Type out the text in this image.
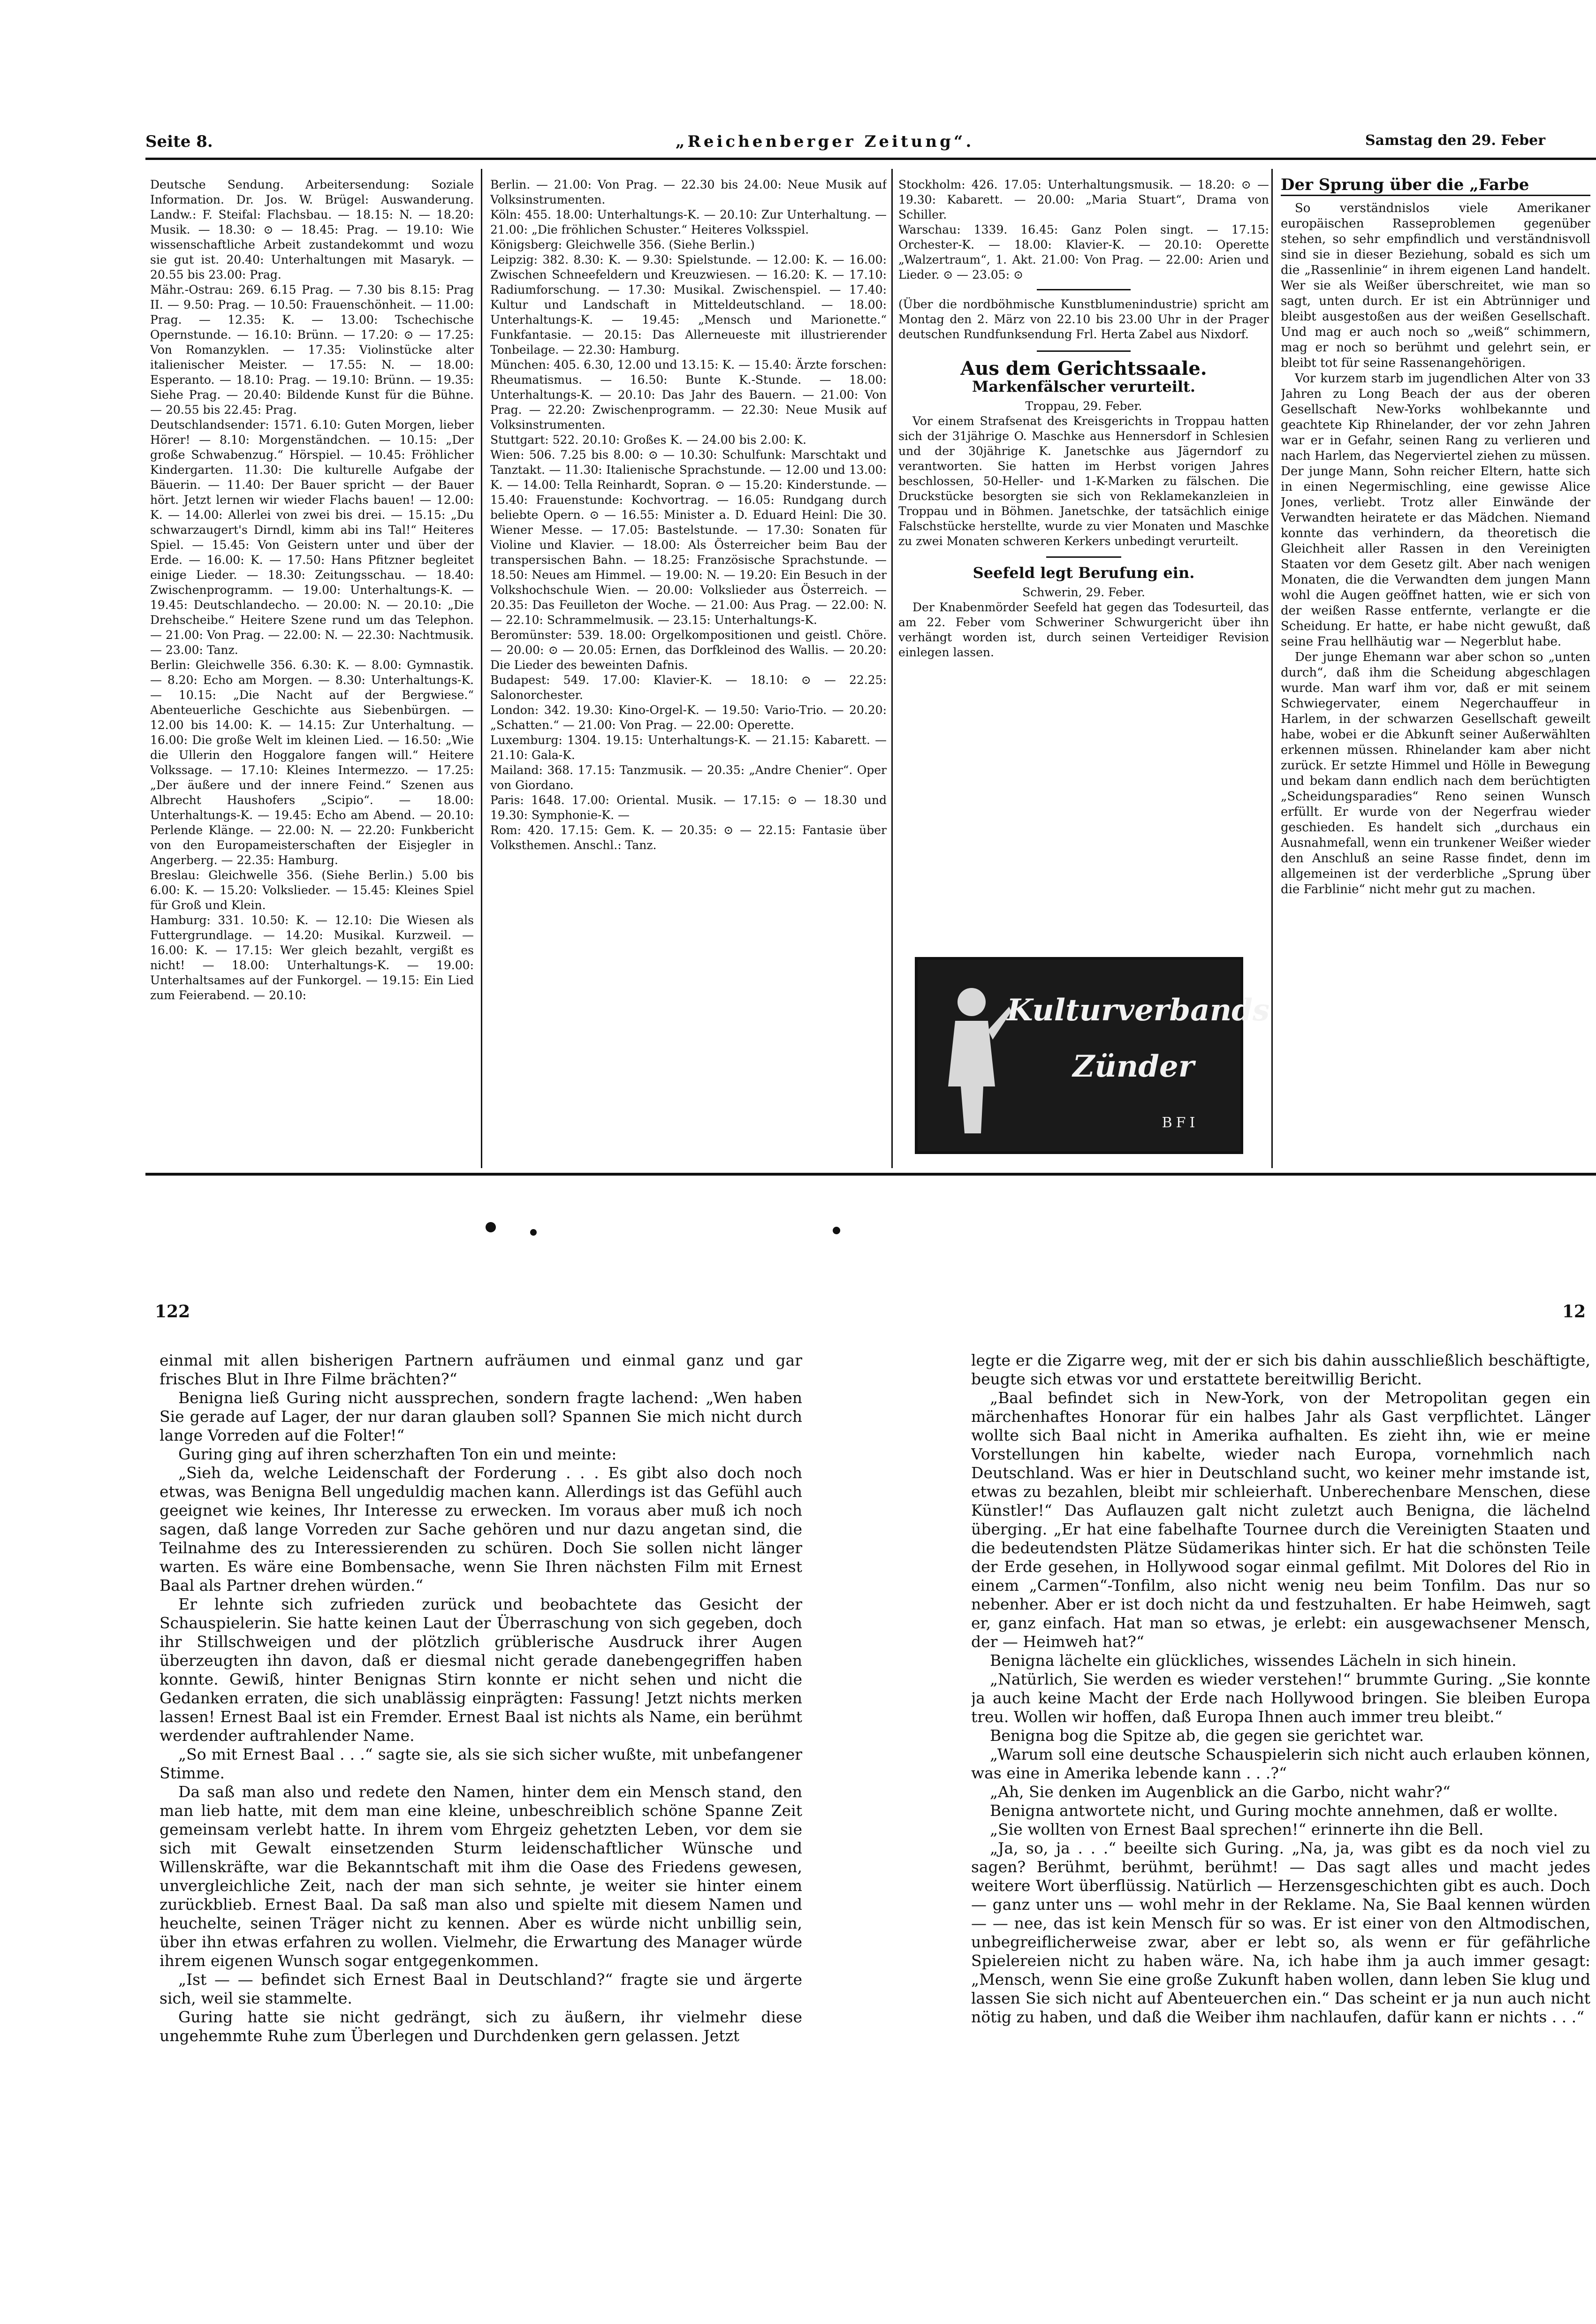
Seite 8.	„Reichenberger Zeitung“.	Samstag den 29. Feber

Deutsche Sendung. Arbeitersendung: Soziale Information. Dr. Jos. W. Brügel: Auswanderung. Landw.: F. Steifal: Flachsbau. — 18.15: N. — 18.20: Musik. — 18.30: ⊙ — 18.45: Prag. — 19.10: Wie wissenschaftliche Arbeit zustandekommt und wozu sie gut ist. 20.40: Unterhaltungen mit Masaryk. — 20.55 bis 23.00: Prag.

Mähr.-Ostrau: 269. 6.15 Prag. — 7.30 bis 8.15: Prag II. — 9.50: Prag. — 10.50: Frauenschönheit. — 11.00: Prag. — 12.35: K. — 13.00: Tschechische Opernstunde. — 16.10: Brünn. — 17.20: ⊙ — 17.25: Von Romanzyklen. — 17.35: Violinstücke alter italienischer Meister. — 17.55: N. — 18.00: Esperanto. — 18.10: Prag. — 19.10: Brünn. — 19.35: Siehe Prag. — 20.40: Bildende Kunst für die Bühne. — 20.55 bis 22.45: Prag.

Deutschlandsender: 1571. 6.10: Guten Morgen, lieber Hörer! — 8.10: Morgenständchen. — 10.15: „Der große Schwabenzug.“ Hörspiel. — 10.45: Fröhlicher Kindergarten. 11.30: Die kulturelle Aufgabe der Bäuerin. — 11.40: Der Bauer spricht — der Bauer hört. Jetzt lernen wir wieder Flachs bauen! — 12.00: K. — 14.00: Allerlei von zwei bis drei. — 15.15: „Du schwarzaugert's Dirndl, kimm abi ins Tal!“ Heiteres Spiel. — 15.45: Von Geistern unter und über der Erde. — 16.00: K. — 17.50: Hans Pfitzner begleitet einige Lieder. — 18.30: Zeitungsschau. — 18.40: Zwischenprogramm. — 19.00: Unterhaltungs-K. — 19.45: Deutschlandecho. — 20.00: N. — 20.10: „Die Drehscheibe.“ Heitere Szene rund um das Telephon. — 21.00: Von Prag. — 22.00: N. — 22.30: Nachtmusik. — 23.00: Tanz.

Berlin: Gleichwelle 356. 6.30: K. — 8.00: Gymnastik. — 8.20: Echo am Morgen. — 8.30: Unterhaltungs-K. — 10.15: „Die Nacht auf der Bergwiese.“ Abenteuerliche Geschichte aus Siebenbürgen. — 12.00 bis 14.00: K. — 14.15: Zur Unterhaltung. — 16.00: Die große Welt im kleinen Lied. — 16.50: „Wie die Ullerin den Hoggalore fangen will.“ Heitere Volkssage. — 17.10: Kleines Intermezzo. — 17.25: „Der äußere und der innere Feind.“ Szenen aus Albrecht Haushofers „Scipio“. — 18.00: Unterhaltungs-K. — 19.45: Echo am Abend. — 20.10: Perlende Klänge. — 22.00: N. — 22.20: Funkbericht von den Europameisterschaften der Eisjegler in Angerberg. — 22.35: Hamburg.

Breslau: Gleichwelle 356. (Siehe Berlin.) 5.00 bis 6.00: K. — 15.20: Volkslieder. — 15.45: Kleines Spiel für Groß und Klein.

Hamburg: 331. 10.50: K. — 12.10: Die Wiesen als Futtergrundlage. — 14.20: Musikal. Kurzweil. — 16.00: K. — 17.15: Wer gleich bezahlt, vergißt es nicht! — 18.00: Unterhaltungs-K. — 19.00: Unterhaltsames auf der Funkorgel. — 19.15: Ein Lied zum Feierabend. — 20.10:

Berlin. — 21.00: Von Prag. — 22.30 bis 24.00: Neue Musik auf Volksinstrumenten.

Köln: 455. 18.00: Unterhaltungs-K. — 20.10: Zur Unterhaltung. — 21.00: „Die fröhlichen Schuster.“ Heiteres Volksspiel.

Königsberg: Gleichwelle 356. (Siehe Berlin.)

Leipzig: 382. 8.30: K. — 9.30: Spielstunde. — 12.00: K. — 16.00: Zwischen Schneefeldern und Kreuzwiesen. — 16.20: K. — 17.10: Radiumforschung. — 17.30: Musikal. Zwischenspiel. — 17.40: Kultur und Landschaft in Mitteldeutschland. — 18.00: Unterhaltungs-K. — 19.45: „Mensch und Marionette.“ Funkfantasie. — 20.15: Das Allerneueste mit illustrierender Tonbeilage. — 22.30: Hamburg.

München: 405. 6.30, 12.00 und 13.15: K. — 15.40: Ärzte forschen: Rheumatismus. — 16.50: Bunte K.-Stunde. — 18.00: Unterhaltungs-K. — 20.10: Das Jahr des Bauern. — 21.00: Von Prag. — 22.20: Zwischenprogramm. — 22.30: Neue Musik auf Volksinstrumenten.

Stuttgart: 522. 20.10: Großes K. — 24.00 bis 2.00: K.

Wien: 506. 7.25 bis 8.00: ⊙ — 10.30: Schulfunk: Marschtakt und Tanztakt. — 11.30: Italienische Sprachstunde. — 12.00 und 13.00: K. — 14.00: Tella Reinhardt, Sopran. ⊙ — 15.20: Kinderstunde. — 15.40: Frauenstunde: Kochvortrag. — 16.05: Rundgang durch beliebte Opern. ⊙ — 16.55: Minister a. D. Eduard Heinl: Die 30. Wiener Messe. — 17.05: Bastelstunde. — 17.30: Sonaten für Violine und Klavier. — 18.00: Als Österreicher beim Bau der transpersischen Bahn. — 18.25: Französische Sprachstunde. — 18.50: Neues am Himmel. — 19.00: N. — 19.20: Ein Besuch in der Volkshochschule Wien. — 20.00: Volkslieder aus Österreich. — 20.35: Das Feuilleton der Woche. — 21.00: Aus Prag. — 22.00: N. — 22.10: Schrammelmusik. — 23.15: Unterhaltungs-K.

Beromünster: 539. 18.00: Orgelkompositionen und geistl. Chöre. — 20.00: ⊙ — 20.05: Ernen, das Dorfkleinod des Wallis. — 20.20: Die Lieder des beweinten Dafnis.

Budapest: 549. 17.00: Klavier-K. — 18.10: ⊙ — 22.25: Salonorchester.

London: 342. 19.30: Kino-Orgel-K. — 19.50: Vario-Trio. — 20.20: „Schatten.“ — 21.00: Von Prag. — 22.00: Operette.

Luxemburg: 1304. 19.15: Unterhaltungs-K. — 21.15: Kabarett. — 21.10: Gala-K.

Mailand: 368. 17.15: Tanzmusik. — 20.35: „Andre Chenier“. Oper von Giordano.

Paris: 1648. 17.00: Oriental. Musik. — 17.15: ⊙ — 18.30 und 19.30: Symphonie-K. —

Rom: 420. 17.15: Gem. K. — 20.35: ⊙ — 22.15: Fantasie über Volksthemen. Anschl.: Tanz.

Stockholm: 426. 17.05: Unterhaltungsmusik. — 18.20: ⊙ — 19.30: Kabarett. — 20.00: „Maria Stuart“, Drama von Schiller.

Warschau: 1339. 16.45: Ganz Polen singt. — 17.15: Orchester-K. — 18.00: Klavier-K. — 20.10: Operette „Walzertraum“, 1. Akt. 21.00: Von Prag. — 22.00: Arien und Lieder. ⊙ — 23.05: ⊙

(Über die nordböhmische Kunstblumenindustrie) spricht am Montag den 2. März von 22.10 bis 23.00 Uhr in der Prager deutschen Rundfunksendung Frl. Herta Zabel aus Nixdorf.

Aus dem Gerichtssaale.
Markenfälscher verurteilt.

Troppau, 29. Feber.

Vor einem Strafsenat des Kreisgerichts in Troppau hatten sich der 31jährige O. Maschke aus Hennersdorf in Schlesien und der 30jährige K. Janetschke aus Jägerndorf zu verantworten. Sie hatten im Herbst vorigen Jahres beschlossen, 50-Heller- und 1-K-Marken zu fälschen. Die Druckstücke besorgten sie sich von Reklamekanzleien in Troppau und in Böhmen. Janetschke, der tatsächlich einige Falschstücke herstellte, wurde zu vier Monaten und Maschke zu zwei Monaten schweren Kerkers unbedingt verurteilt.

Seefeld legt Berufung ein.

Schwerin, 29. Feber.

Der Knabenmörder Seefeld hat gegen das Todesurteil, das am 22. Feber vom Schweriner Schwurgericht über ihn verhängt worden ist, durch seinen Verteidiger Revision einlegen lassen.

Kulturverbands
Zünder
BFI
Der Sprung über die „Farbe

So verständnislos viele Amerikaner europäischen Rasseproblemen gegenüber stehen, so sehr empfindlich und verständnisvoll sind sie in dieser Beziehung, sobald es sich um die „Rassenlinie“ in ihrem eigenen Land handelt. Wer sie als Weißer überschreitet, wie man so sagt, unten durch. Er ist ein Abtrünniger und bleibt ausgestoßen aus der weißen Gesellschaft. Und mag er auch noch so „weiß“ schimmern, mag er noch so berühmt und gelehrt sein, er bleibt tot für seine Rassenangehörigen.

Vor kurzem starb im jugendlichen Alter von 33 Jahren zu Long Beach der aus der oberen Gesellschaft New-Yorks wohlbekannte und geachtete Kip Rhinelander, der vor zehn Jahren war er in Gefahr, seinen Rang zu verlieren und nach Harlem, das Negerviertel ziehen zu müssen. Der junge Mann, Sohn reicher Eltern, hatte sich in einen Negermischling, eine gewisse Alice Jones, verliebt. Trotz aller Einwände der Verwandten heiratete er das Mädchen. Niemand konnte das verhindern, da theoretisch die Gleichheit aller Rassen in den Vereinigten Staaten vor dem Gesetz gilt. Aber nach wenigen Monaten, die die Verwandten dem jungen Mann wohl die Augen geöffnet hatten, wie er sich von der weißen Rasse entfernte, verlangte er die Scheidung. Er hatte, er habe nicht gewußt, daß seine Frau hellhäutig war — Negerblut habe.

Der junge Ehemann war aber schon so „unten durch“, daß ihm die Scheidung abgeschlagen wurde. Man warf ihm vor, daß er mit seinem Schwiegervater, einem Negerchauffeur in Harlem, in der schwarzen Gesellschaft geweilt habe, wobei er die Abkunft seiner Außerwählten erkennen müssen. Rhinelander kam aber nicht zurück. Er setzte Himmel und Hölle in Bewegung und bekam dann endlich nach dem berüchtigten „Scheidungsparadies“ Reno seinen Wunsch erfüllt. Er wurde von der Negerfrau wieder geschieden. Es handelt sich „durchaus ein Ausnahmefall, wenn ein trunkener Weißer wieder den Anschluß an seine Rasse findet, denn im allgemeinen ist der verderbliche „Sprung über die Farblinie“ nicht mehr gut zu machen.

122	12

einmal mit allen bisherigen Partnern aufräumen und einmal ganz und gar frisches Blut in Ihre Filme brächten?“

Benigna ließ Guring nicht aussprechen, sondern fragte lachend: „Wen haben Sie gerade auf Lager, der nur daran glauben soll? Spannen Sie mich nicht durch lange Vorreden auf die Folter!“

Guring ging auf ihren scherzhaften Ton ein und meinte:

„Sieh da, welche Leidenschaft der Forderung . . . Es gibt also doch noch etwas, was Benigna Bell ungeduldig machen kann. Allerdings ist das Gefühl auch geeignet wie keines, Ihr Interesse zu erwecken. Im voraus aber muß ich noch sagen, daß lange Vorreden zur Sache gehören und nur dazu angetan sind, die Teilnahme des zu Interessierenden zu schüren. Doch Sie sollen nicht länger warten. Es wäre eine Bombensache, wenn Sie Ihren nächsten Film mit Ernest Baal als Partner drehen würden.“

Er lehnte sich zufrieden zurück und beobachtete das Gesicht der Schauspielerin. Sie hatte keinen Laut der Überraschung von sich gegeben, doch ihr Stillschweigen und der plötzlich grüblerische Ausdruck ihrer Augen überzeugten ihn davon, daß er diesmal nicht gerade danebengegriffen haben konnte. Gewiß, hinter Benignas Stirn konnte er nicht sehen und nicht die Gedanken erraten, die sich unablässig einprägten: Fassung! Jetzt nichts merken lassen! Ernest Baal ist ein Fremder. Ernest Baal ist nichts als Name, ein berühmt werdender auftrahlender Name.

„So mit Ernest Baal . . .“ sagte sie, als sie sich sicher wußte, mit unbefangener Stimme.

Da saß man also und redete den Namen, hinter dem ein Mensch stand, den man lieb hatte, mit dem man eine kleine, unbeschreiblich schöne Spanne Zeit gemeinsam verlebt hatte. In ihrem vom Ehrgeiz gehetzten Leben, vor dem sie sich mit Gewalt einsetzenden Sturm leidenschaftlicher Wünsche und Willenskräfte, war die Bekanntschaft mit ihm die Oase des Friedens gewesen, unvergleichliche Zeit, nach der man sich sehnte, je weiter sie hinter einem zurückblieb. Ernest Baal. Da saß man also und spielte mit diesem Namen und heuchelte, seinen Träger nicht zu kennen. Aber es würde nicht unbillig sein, über ihn etwas erfahren zu wollen. Vielmehr, die Erwartung des Manager würde ihrem eigenen Wunsch sogar entgegenkommen.

„Ist — — befindet sich Ernest Baal in Deutschland?“ fragte sie und ärgerte sich, weil sie stammelte.

Guring hatte sie nicht gedrängt, sich zu äußern, ihr vielmehr diese ungehemmte Ruhe zum Überlegen und Durchdenken gern gelassen. Jetzt

legte er die Zigarre weg, mit der er sich bis dahin ausschließlich beschäftigte, beugte sich etwas vor und erstattete bereitwillig Bericht.

„Baal befindet sich in New-York, von der Metropolitan gegen ein märchenhaftes Honorar für ein halbes Jahr als Gast verpflichtet. Länger wollte sich Baal nicht in Amerika aufhalten. Es zieht ihn, wie er meine Vorstellungen hin kabelte, wieder nach Europa, vornehmlich nach Deutschland. Was er hier in Deutschland sucht, wo keiner mehr imstande ist, etwas zu bezahlen, bleibt mir schleierhaft. Unberechenbare Menschen, diese Künstler!“ Das Auflauzen galt nicht zuletzt auch Benigna, die lächelnd überging. „Er hat eine fabelhafte Tournee durch die Vereinigten Staaten und die bedeutendsten Plätze Südamerikas hinter sich. Er hat die schönsten Teile der Erde gesehen, in Hollywood sogar einmal gefilmt. Mit Dolores del Rio in einem „Carmen“-Tonfilm, also nicht wenig neu beim Tonfilm. Das nur so nebenher. Aber er ist doch nicht da und festzuhalten. Er habe Heimweh, sagt er, ganz einfach. Hat man so etwas, je erlebt: ein ausgewachsener Mensch, der — Heimweh hat?“

Benigna lächelte ein glückliches, wissendes Lächeln in sich hinein.

„Natürlich, Sie werden es wieder verstehen!“ brummte Guring. „Sie konnte ja auch keine Macht der Erde nach Hollywood bringen. Sie bleiben Europa treu. Wollen wir hoffen, daß Europa Ihnen auch immer treu bleibt.“

Benigna bog die Spitze ab, die gegen sie gerichtet war.

„Warum soll eine deutsche Schauspielerin sich nicht auch erlauben können, was eine in Amerika lebende kann . . .?“

„Ah, Sie denken im Augenblick an die Garbo, nicht wahr?“

Benigna antwortete nicht, und Guring mochte annehmen, daß er wollte.

„Sie wollten von Ernest Baal sprechen!“ erinnerte ihn die Bell.

„Ja, so, ja . . .“ beeilte sich Guring. „Na, ja, was gibt es da noch viel zu sagen? Berühmt, berühmt, berühmt! — Das sagt alles und macht jedes weitere Wort überflüssig. Natürlich — Herzensgeschichten gibt es auch. Doch — ganz unter uns — wohl mehr in der Reklame. Na, Sie Baal kennen würden — — nee, das ist kein Mensch für so was. Er ist einer von den Altmodischen, unbegreiflicherweise zwar, aber er lebt so, als wenn er für gefährliche Spielereien nicht zu haben wäre. Na, ich habe ihm ja auch immer gesagt: „Mensch, wenn Sie eine große Zukunft haben wollen, dann leben Sie klug und lassen Sie sich nicht auf Abenteuerchen ein.“ Das scheint er ja nun auch nicht nötig zu haben, und daß die Weiber ihm nachlaufen, dafür kann er nichts . . .“
